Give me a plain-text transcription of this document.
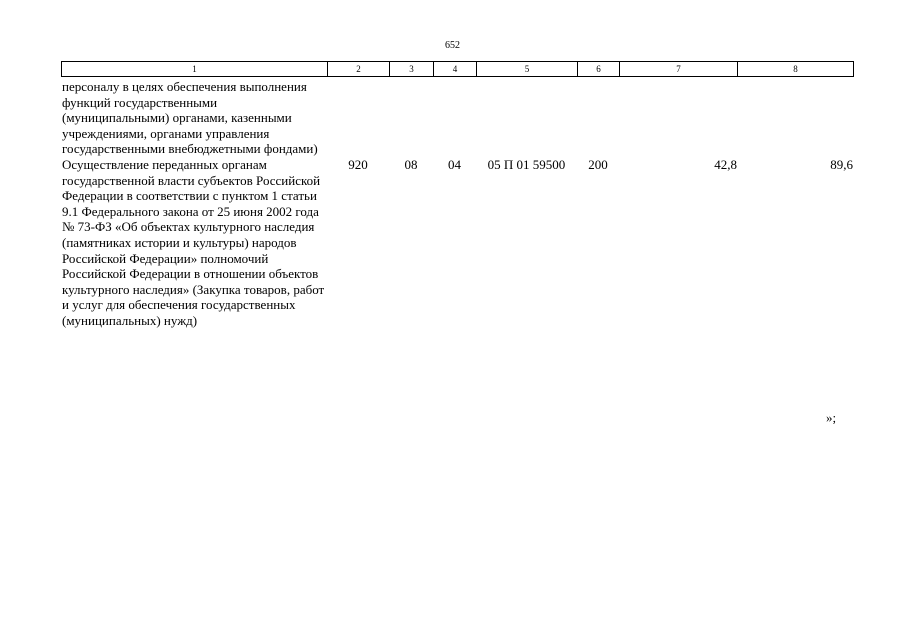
652
1	2	3	4	5	6	7	8
персоналу в целях обеспечения выполнения функций государственными (муниципальными) органами, казенными учреждениями, органами управления государственными внебюджетными фондами)							
Осуществление переданных органам государственной власти субъектов Российской Федерации в соответствии с пунктом 1 статьи 9.1 Федерального закона от 25 июня 2002 года № 73-ФЗ «Об объектах культурного наследия (памятниках истории и культуры) народов Российской Федерации» полномочий Российской Федерации в отношении объектов культурного наследия» (Закупка товаров, работ и услуг для обеспечения государственных (муниципальных) нужд)	920	08	04	05 П 01 59500	200	42,8	89,6
»;
